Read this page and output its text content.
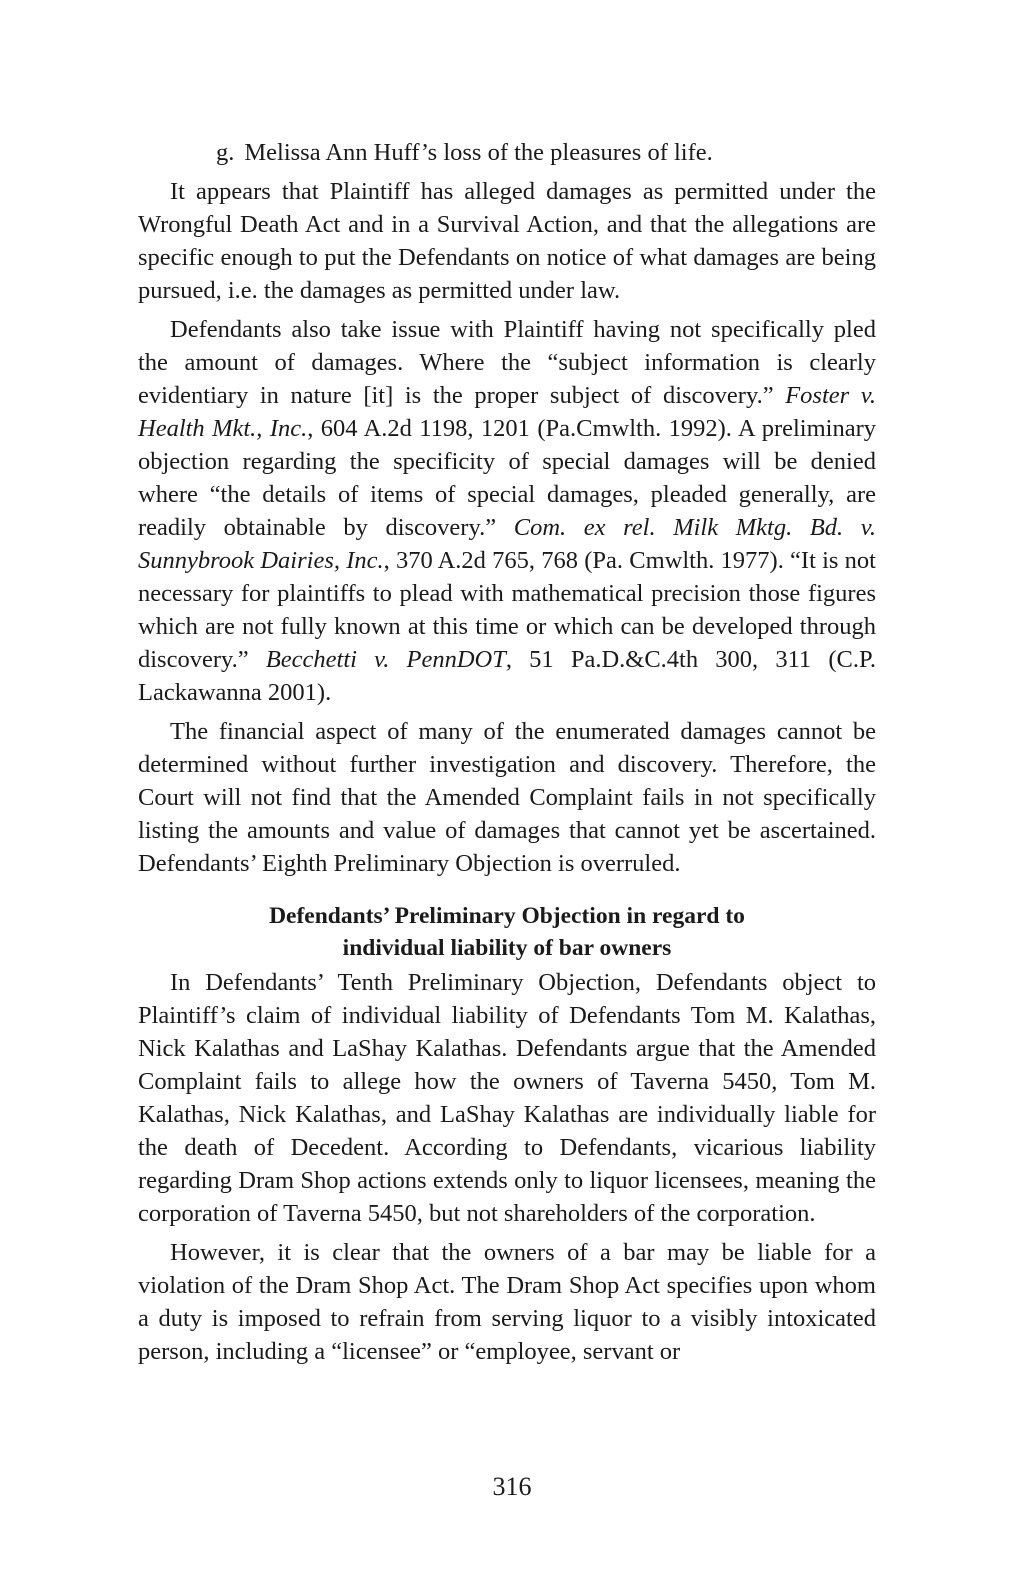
g. Melissa Ann Huff’s loss of the pleasures of life.

It appears that Plaintiff has alleged damages as permitted under the Wrongful Death Act and in a Survival Action, and that the allegations are specific enough to put the Defendants on notice of what damages are being pursued, i.e. the damages as permitted under law.

Defendants also take issue with Plaintiff having not specifically pled the amount of damages. Where the “subject information is clearly evidentiary in nature [it] is the proper subject of discovery.” Foster v. Health Mkt., Inc., 604 A.2d 1198, 1201 (Pa.Cmwlth. 1992). A preliminary objection regarding the specificity of special damages will be denied where “the details of items of special damages, pleaded generally, are readily obtainable by discovery.” Com. ex rel. Milk Mktg. Bd. v. Sunnybrook Dairies, Inc., 370 A.2d 765, 768 (Pa. Cmwlth. 1977). “It is not necessary for plaintiffs to plead with mathematical precision those figures which are not fully known at this time or which can be developed through discovery.” Becchetti v. PennDOT, 51 Pa.D.&C.4th 300, 311 (C.P. Lackawanna 2001).

The financial aspect of many of the enumerated damages cannot be determined without further investigation and discovery. Therefore, the Court will not find that the Amended Complaint fails in not specifically listing the amounts and value of damages that cannot yet be ascertained. Defendants’ Eighth Preliminary Objection is overruled.

Defendants’ Preliminary Objection in regard to
individual liability of bar owners

In Defendants’ Tenth Preliminary Objection, Defendants object to Plaintiff’s claim of individual liability of Defendants Tom M. Kalathas, Nick Kalathas and LaShay Kalathas. Defendants argue that the Amended Complaint fails to allege how the owners of Taverna 5450, Tom M. Kalathas, Nick Kalathas, and LaShay Kalathas are individually liable for the death of Decedent. According to Defendants, vicarious liability regarding Dram Shop actions extends only to liquor licensees, meaning the corporation of Taverna 5450, but not shareholders of the corporation.

However, it is clear that the owners of a bar may be liable for a violation of the Dram Shop Act. The Dram Shop Act specifies upon whom a duty is imposed to refrain from serving liquor to a visibly intoxicated person, including a “licensee” or “employee, servant or

316
